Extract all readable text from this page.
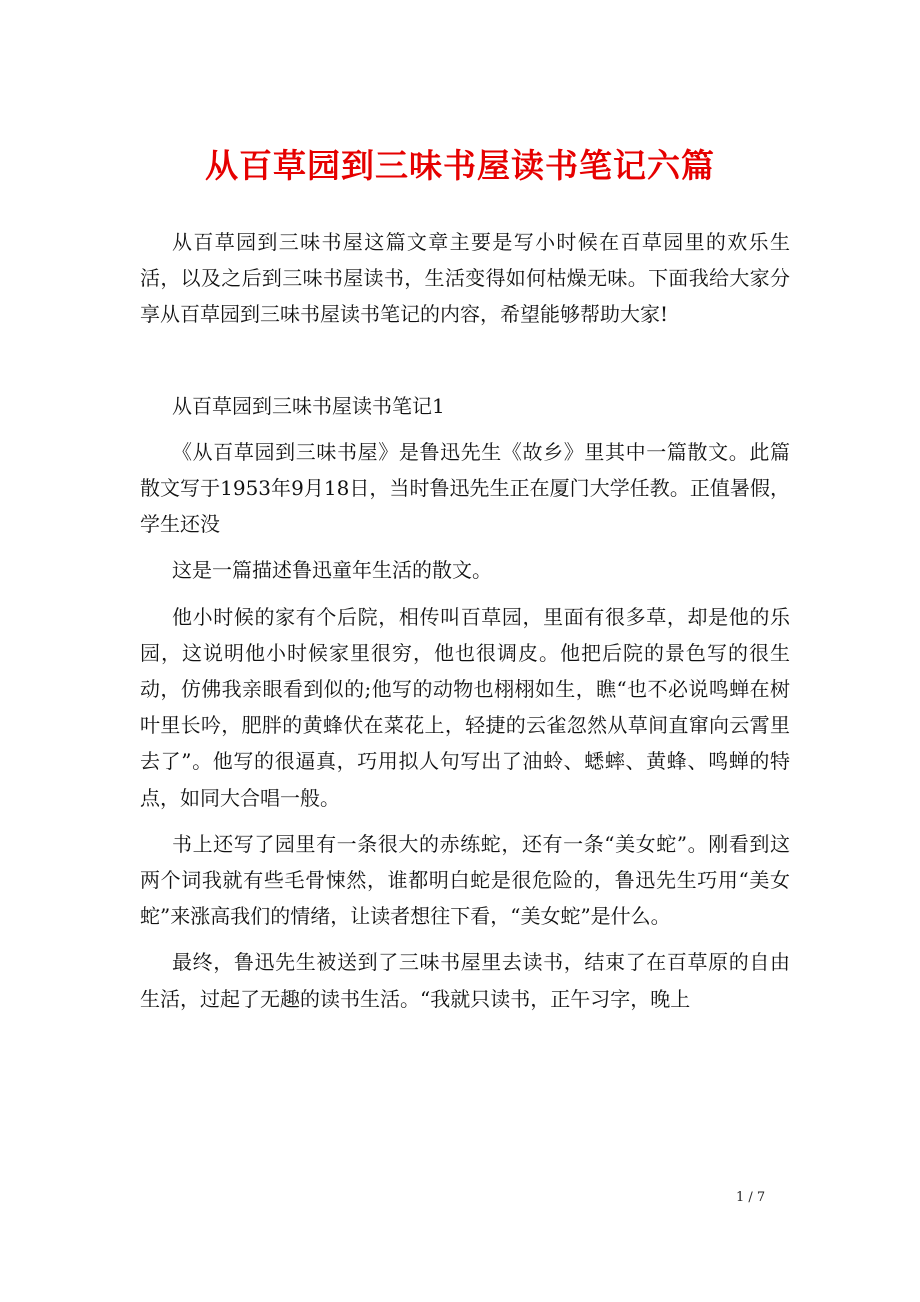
从百草园到三味书屋读书笔记六篇

从百草园到三味书屋这篇文章主要是写小时候在百草园里的欢乐生活，以及之后到三味书屋读书，生活变得如何枯燥无味。下面我给大家分享从百草园到三味书屋读书笔记的内容，希望能够帮助大家!

从百草园到三味书屋读书笔记1

《从百草园到三味书屋》是鲁迅先生《故乡》里其中一篇散文。此篇散文写于1953年9月18日，当时鲁迅先生正在厦门大学任教。正值暑假，学生还没

这是一篇描述鲁迅童年生活的散文。

他小时候的家有个后院，相传叫百草园，里面有很多草，却是他的乐园，这说明他小时候家里很穷，他也很调皮。他把后院的景色写的很生动，仿佛我亲眼看到似的;他写的动物也栩栩如生，瞧“也不必说鸣蝉在树叶里长吟，肥胖的黄蜂伏在菜花上，轻捷的云雀忽然从草间直窜向云霄里去了”。他写的很逼真，巧用拟人句写出了油蛉、蟋蟀、黄蜂、鸣蝉的特点，如同大合唱一般。

书上还写了园里有一条很大的赤练蛇，还有一条“美女蛇”。刚看到这两个词我就有些毛骨悚然，谁都明白蛇是很危险的，鲁迅先生巧用“美女蛇”来涨高我们的情绪，让读者想往下看，“美女蛇”是什么。

最终，鲁迅先生被送到了三味书屋里去读书，结束了在百草原的自由生活，过起了无趣的读书生活。“我就只读书，正午习字，晚上

1 / 7
